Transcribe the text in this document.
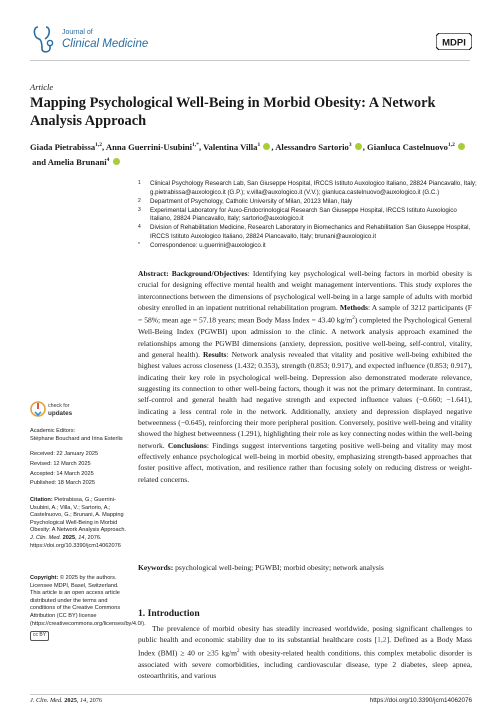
Journal of
Clinical Medicine	MDPI
Article
Mapping Psychological Well-Being in Morbid Obesity: A Network Analysis Approach
Giada Pietrabissa$^{1,2}$, Anna Guerrini-Usubini$^{1,*}$, Valentina Villa$^1$ , Alessandro Sartorio$^3$ , Gianluca Castelnuovo$^{1,2}$  and Amelia Brunani$^4$
1 Clinical Psychology Research Lab, San Giuseppe Hospital, IRCCS Istituto Auxologico Italiano, 28824 Piancavallo, Italy; g.pietrabissa@auxologico.it (G.P.); v.villa@auxologico.it (V.V.); gianluca.castelnuovo@auxologico.it (G.C.)
2 Department of Psychology, Catholic University of Milan, 20123 Milan, Italy
3 Experimental Laboratory for Auxo-Endocrinological Research San Giuseppe Hospital, IRCCS Istituto Auxologico Italiano, 28824 Piancavallo, Italy; sartorio@auxologico.it
4 Division of Rehabilitation Medicine, Research Laboratory in Biomechanics and Rehabilitation San Giuseppe Hospital, IRCCS Istituto Auxologico Italiano, 28824 Piancavallo, Italy; brunani@auxologico.it
* Correspondence: u.guerrini@auxologico.it
Abstract: Background/Objectives: Identifying key psychological well-being factors in morbid obesity is crucial for designing effective mental health and weight management interventions. This study explores the interconnections between the dimensions of psychological well-being in a large sample of adults with morbid obesity enrolled in an inpatient nutritional rehabilitation program. Methods: A sample of 3212 participants (F = 58%; mean age = 57.18 years; mean Body Mass Index = 43.40 $kg/m^2$) completed the Psychological General Well-Being Index (PGWBI) upon admission to the clinic. A network analysis approach examined the relationships among the PGWBI dimensions (anxiety, depression, positive well-being, self-control, vitality, and general health). Results: Network analysis revealed that vitality and positive well-being exhibited the highest values across closeness (1.432; 0.353), strength (0.853; 0.917), and expected influence (0.853; 0.917), indicating their key role in psychological well-being. Depression also demonstrated moderate relevance, suggesting its connection to other well-being factors, though it was not the primary determinant. In contrast, self-control and general health had negative strength and expected influence values (−0.660; −1.641), indicating a less central role in the network. Additionally, anxiety and depression displayed negative betweenness (−0.645), reinforcing their more peripheral position. Conversely, positive well-being and vitality showed the highest betweenness (1.291), highlighting their role as key connecting nodes within the well-being network. Conclusions: Findings suggest interventions targeting positive well-being and vitality may most effectively enhance psychological well-being in morbid obesity, emphasizing strength-based approaches that foster positive affect, motivation, and resilience rather than focusing solely on reducing distress or weight-related concerns.
Keywords: psychological well-being; PGWBI; morbid obesity; network analysis
1. Introduction
The prevalence of morbid obesity has steadily increased worldwide, posing significant challenges to public health and economic stability due to its substantial healthcare costs [1,2]. Defined as a Body Mass Index (BMI) ≥ 40 or ≥35 $kg/m^2$ with obesity-related health conditions, this complex metabolic disorder is associated with severe comorbidities, including cardiovascular disease, type 2 diabetes, sleep apnea, osteoarthritis, and various
check for
updates
Academic Editors:
Stéphane Bouchard and Irina Esterlis
Received: 22 January 2025
Revised: 12 March 2025
Accepted: 14 March 2025
Published: 18 March 2025
Citation: Pietrabissa, G.; Guerrini-Usubini, A.; Villa, V.; Sartorio, A.; Castelnuovo, G.; Brunani, A. Mapping Psychological Well-Being in Morbid Obesity: A Network Analysis Approach. J. Clin. Med. 2025, 14, 2076. https://doi.org/10.3390/jcm14062076
Copyright: © 2025 by the authors. Licensee MDPI, Basel, Switzerland. This article is an open access article distributed under the terms and conditions of the Creative Commons Attribution (CC BY) license (https://creativecommons.org/licenses/by/4.0/).
cc BY
J. Clin. Med. 2025, 14, 2076	https://doi.org/10.3390/jcm14062076
